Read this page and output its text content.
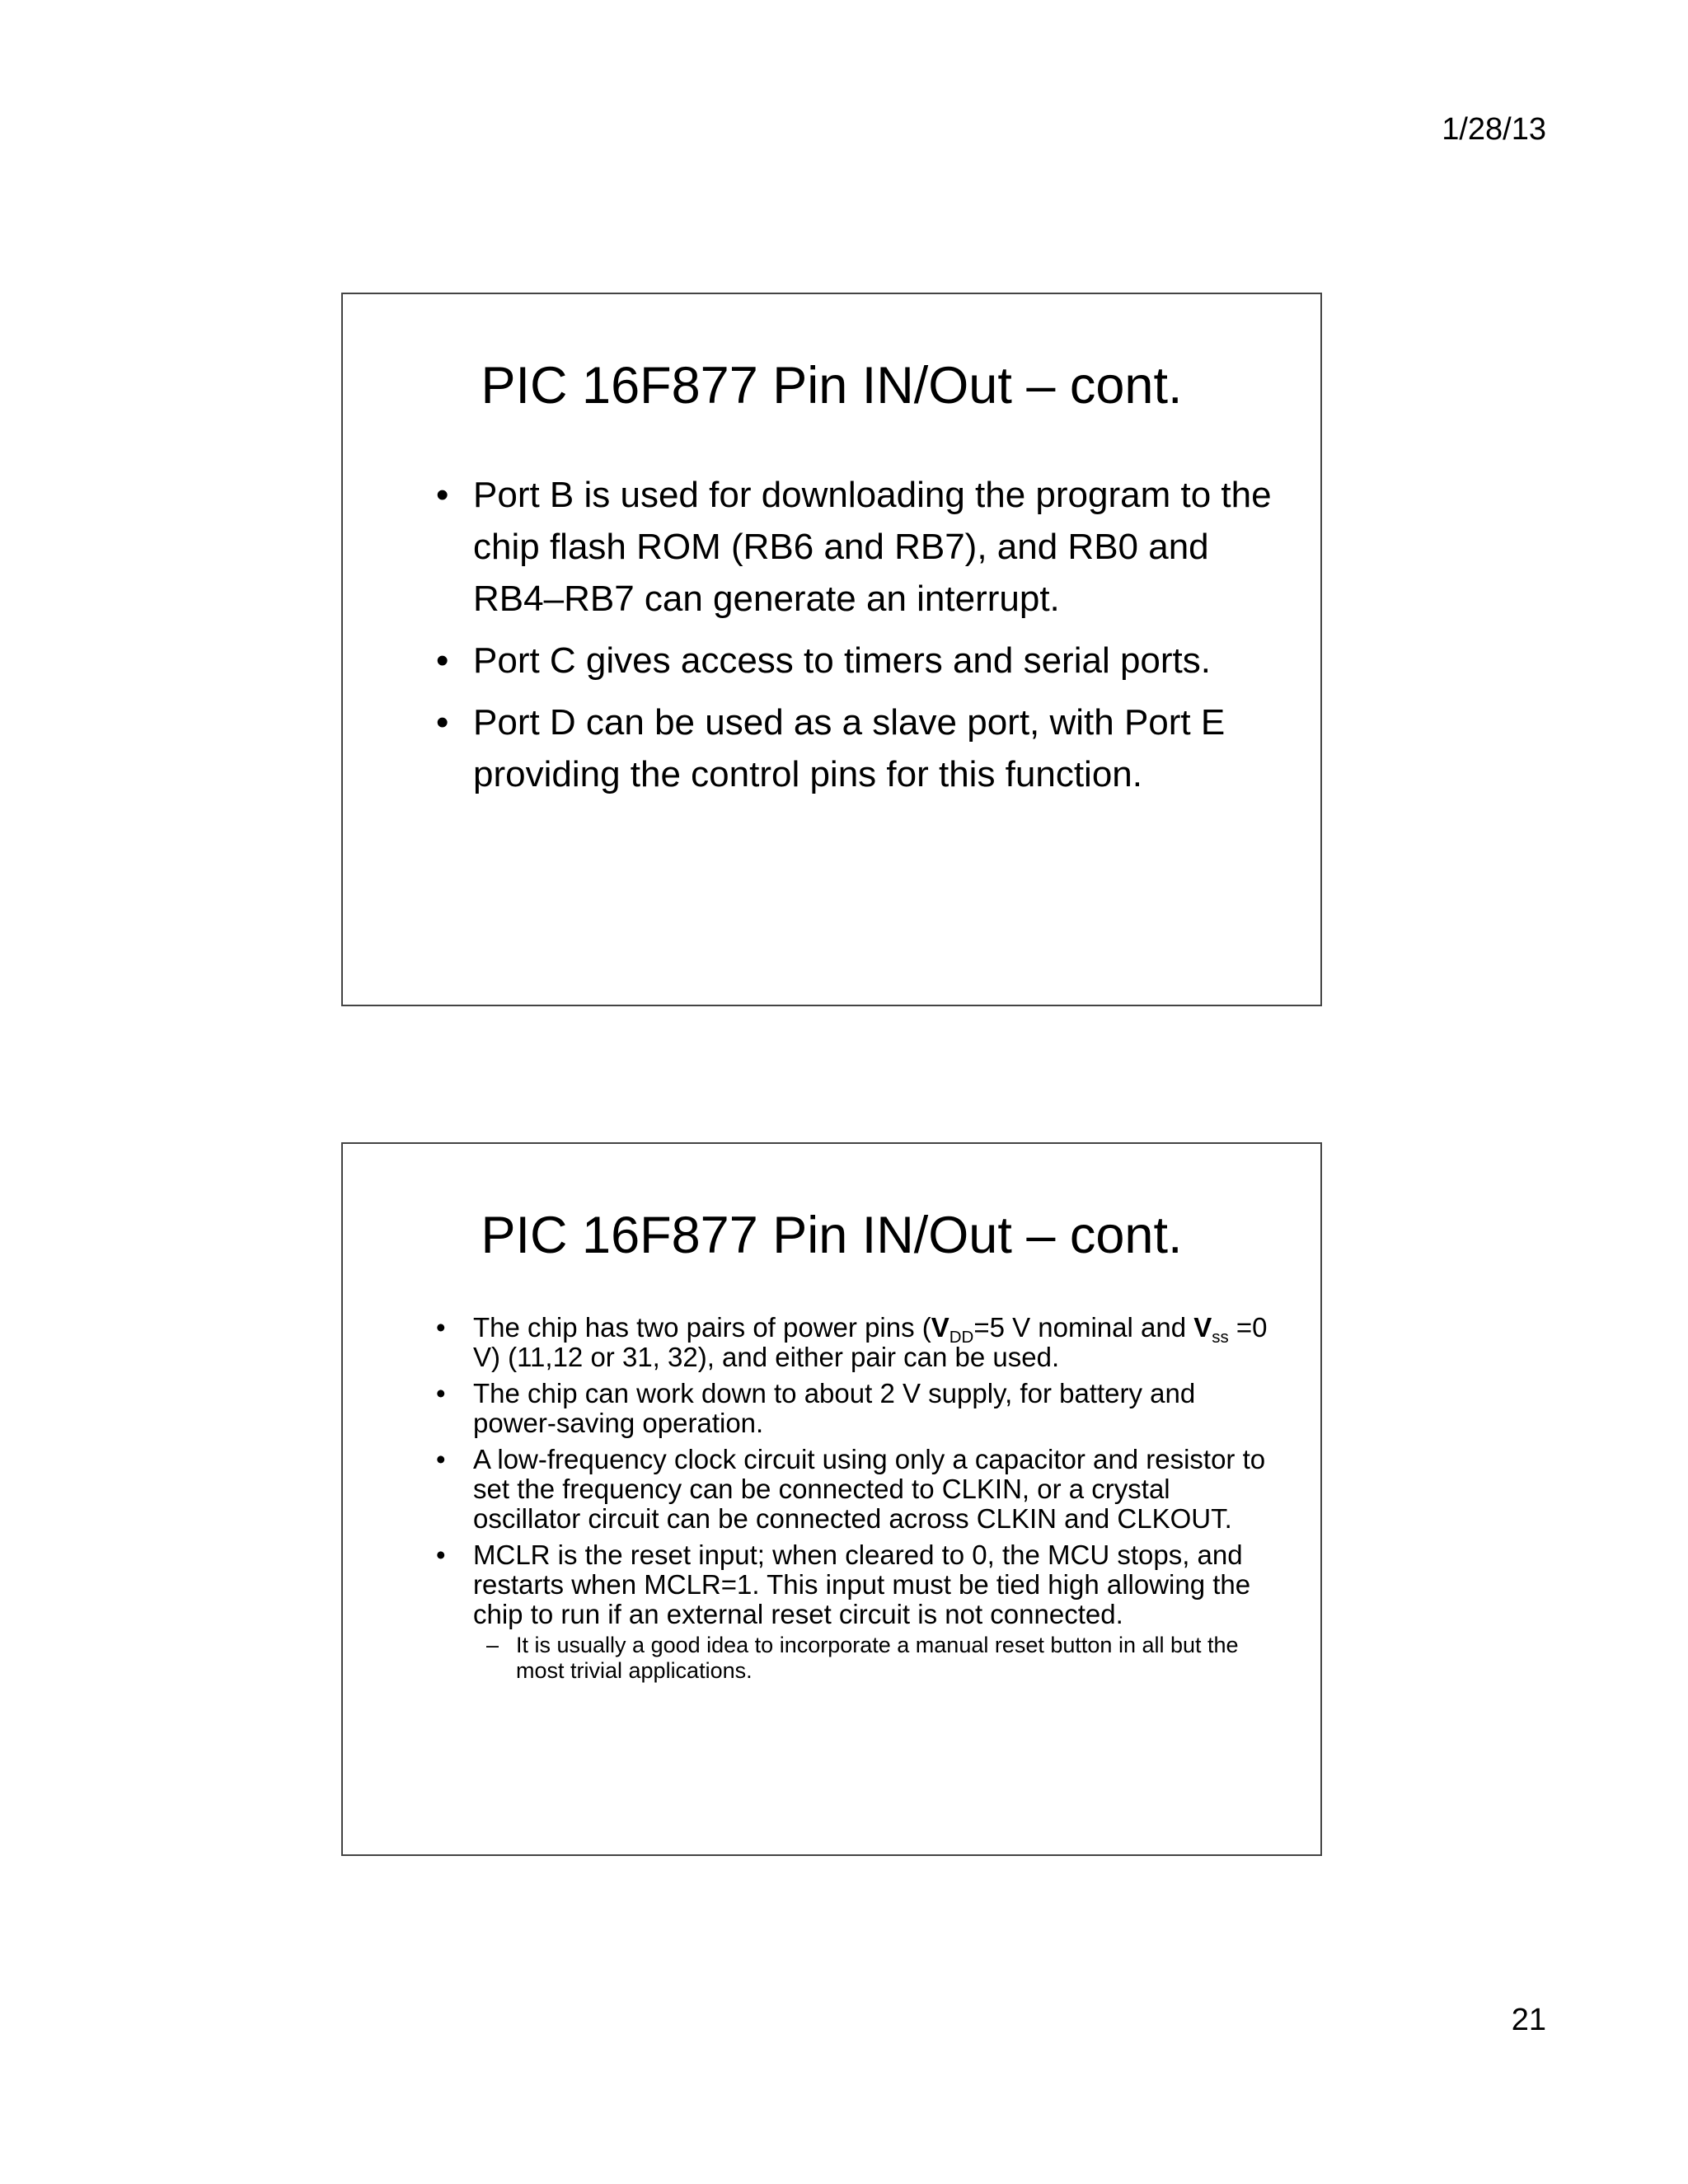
1/28/13
PIC 16F877 Pin IN/Out – cont.
• Port B is used for downloading the program to the chip flash ROM (RB6 and RB7), and RB0 and RB4–RB7 can generate an interrupt.
• Port C gives access to timers and serial ports.
• Port D can be used as a slave port, with Port E providing the control pins for this function.
PIC 16F877 Pin IN/Out – cont.
• The chip has two pairs of power pins ($V_{DD}=5$ V nominal and $V_{ss} =0$ V) (11,12 or 31, 32), and either pair can be used.
• The chip can work down to about 2 V supply, for battery and power-saving operation.
• A low-frequency clock circuit using only a capacitor and resistor to set the frequency can be connected to CLKIN, or a crystal oscillator circuit can be connected across CLKIN and CLKOUT.
• MCLR is the reset input; when cleared to 0, the MCU stops, and restarts when MCLR=1. This input must be tied high allowing the chip to run if an external reset circuit is not connected.
– It is usually a good idea to incorporate a manual reset button in all but the most trivial applications.
21
